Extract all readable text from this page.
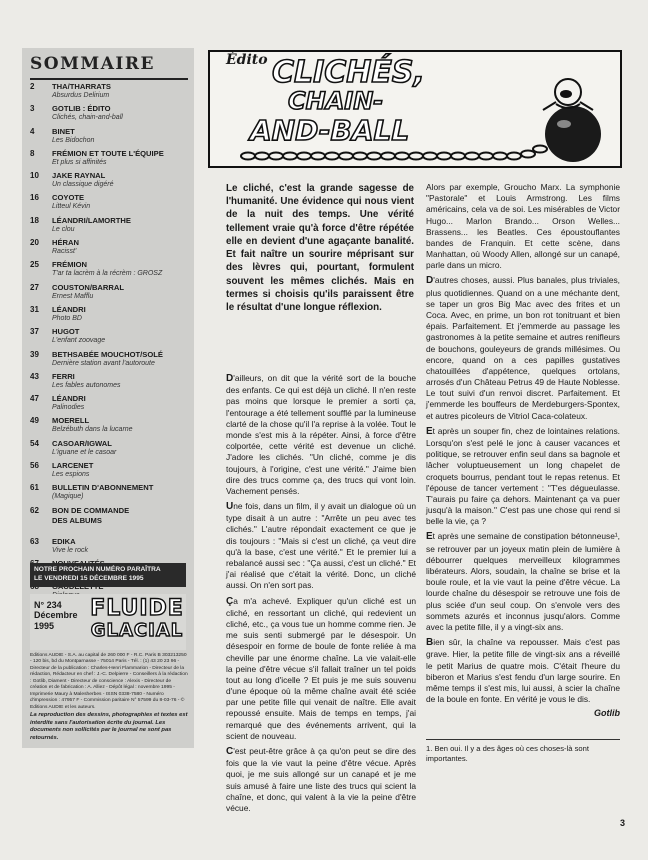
SOMMAIRE
2	THA/THARRATS
Absurdus Delirium
3	GOTLIB : ÉDITO
Clichés, chain-and-ball
4	BINET
Les Bidochon
8	FRÉMION ET TOUTE L'ÉQUIPE
Et plus si affinités
10	JAKE RAYNAL
Un classique digéré
16	COYOTE
Litteul Kévin
18	LÉANDRI/LAMORTHE
Le clou
20	HÉRAN
Racisst'
25	FRÉMION
T'ar ta lacrèm à la récrèm : GROSZ
27	COUSTON/BARRAL
Ernest Mafflu
31	LÉANDRI
Photo BD
37	HUGOT
L'enfant zoovage
39	BETHSABÉE MOUCHOT/SOLÉ
Dernière station avant l'autoroute
43	FERRI
Les fables autonomes
47	LÉANDRI
Palinodies
49	MOERELL
Belzébuth dans la lucarne
54	CASOAR/IGWAL
L'iguane et le casoar
56	LARCENET
Les espions
61	BULLETIN D'ABONNEMENT
(Magique)
62	BON DE COMMANDE
DES ALBUMS
63	EDIKA
Vive le rock
NOTRE PROCHAIN NUMÉRO PARAÎTRA
LE VENDREDI 15 DÉCEMBRE 1995
N° 234
Décembre
1995
FLUIDE
GLACIAL
Editions AUDIE - S.A. au capital de 260 000 F - R.C. Paris B 303213250 - 120 bis, bd du Montparnasse - 75014 Paris - Tél. : (1) 43 20 23 96 - Directeur de la publication : Charles-Henri Flammarion - Directeur de la rédaction, Rédacteur en chef : J.-C. Delpierre - Conseillers à la rédaction : Gotlib, Diament - Directeur de conscience : Alexis - Directeur de création et de fabrication : A. Alliez - Dépôt légal : novembre 1995 - Imprimerie Maury à Malesherbes - ISSN 0338-7580 - Numéro d'impression : 47957 F - Commission paritaire N° 57599 du 8-03-76 - © Editions AUDIE et les auteurs.
La reproduction des dessins, photographies et textes est interdite sans l'autorisation écrite du journal. Les documents non sollicités par le journal ne sont pas retournés.
Édito CLICHÉS,
CHAIN-
AND-BALL
Le cliché, c'est la grande sagesse de l'humanité. Une évidence qui nous vient de la nuit des temps. Une vérité tellement vraie qu'à force d'être répétée elle en devient d'une agaçante banalité. Et fait naître un sourire méprisant sur des lèvres qui, pourtant, formulent souvent les mêmes clichés. Mais en termes si choisis qu'ils paraissent être le résultat d'une longue réflexion.

D'ailleurs, on dit que la vérité sort de la bouche des enfants. Ce qui est déjà un cliché. Il n'en reste pas moins que lorsque le premier a sorti ça, l'entourage a été tellement soufflé par la lumineuse clarté de la chose qu'il l'a reprise à la volée. Tout le monde s'est mis à la répéter. Ainsi, à force d'être colportée, cette vérité est devenue un cliché. J'adore les clichés. "Un cliché, comme je dis toujours, à l'origine, c'est une vérité." J'aime bien dire des trucs comme ça, des trucs qui vont loin. Vachement pensés.

Une fois, dans un film, il y avait un dialogue où un type disait à un autre : "Arrête un peu avec tes clichés." L'autre répondait exactement ce que je dis toujours : "Mais si c'est un cliché, ça veut dire qu'à la base, c'est une vérité." Et le premier lui a rebalancé aussi sec : "Ça aussi, c'est un cliché." Et j'ai réalisé que c'était la vérité. Donc, un cliché aussi. On n'en sort pas.

Ça m'a achevé. Expliquer qu'un cliché est un cliché, en ressortant un cliché, qui redevient un cliché, etc., ça vous tue un homme comme rien. Je me suis senti submergé par le désespoir. Un désespoir en forme de boule de fonte reliée à ma cheville par une énorme chaîne. La vie valait-elle la peine d'être vécue s'il fallait traîner un tel poids tout au long d'icelle ? Et puis je me suis souvenu d'une époque où la même chaîne avait été sciée par une petite fille qui venait de naître. Elle avait repoussé ensuite. Mais de temps en temps, j'ai remarqué que des événements arrivent, qui la scient de nouveau.

C'est peut-être grâce à ça qu'on peut se dire des fois que la vie vaut la peine d'être vécue. Après quoi, je me suis allongé sur un canapé et je me suis amusé à faire une liste des trucs qui scient la chaîne, et donc, qui valent à la vie la peine d'être vécue.

Alors par exemple, Groucho Marx. La symphonie "Pastorale" et Louis Armstrong. Les films américains, cela va de soi. Les misérables de Victor Hugo... Marlon Brando... Orson Welles... Brassens... les Beatles. Ces époustouflantes bandes de Franquin. Et cette scène, dans Manhattan, où Woody Allen, allongé sur un canapé, parle dans un micro.

D'autres choses, aussi. Plus banales, plus triviales, plus quotidiennes. Quand on a une méchante dent, se taper un gros Big Mac avec des frites et un Coca. Avec, en prime, un bon rot tonitruant et bien épais. Parfaitement. Et j'emmerde au passage les gastronomes à la petite semaine et autres renifleurs de bouchons, gouleyeurs de grands millésimes. Ou encore, quand on a ces papilles gustatives chatouillées d'appétence, quelques ortolans, arrosés d'un Château Petrus 49 de Haute Noblesse. Le tout suivi d'un renvoi discret. Parfaitement. Et j'emmerde les bouffeurs de Merdeburgers-Spontex, et autres picoleurs de Vitriol Caca-colateux.

Et après un souper fin, chez de lointaines relations. Lorsqu'on s'est pelé le jonc à causer vacances et politique, se retrouver enfin seul dans sa bagnole et lâcher voluptueusement un long chapelet de croquets bourrus, pendant tout le repas retenus. Et l'épouse de tancer vertement : "T'es dégueulasse. T'aurais pu faire ça dehors. Maintenant ça va puer jusqu'à la maison." C'est pas une chose qui rend si belle la vie, ça ?

Et après une semaine de constipation bétonneuse¹, se retrouver par un joyeux matin plein de lumière à débourrer quelques merveilleux kilogrammes libérateurs. Alors, soudain, la chaîne se brise et la boule roule, et la vie vaut la peine d'être vécue. La lourde chaîne du désespoir se retrouve une fois de plus sciée d'un seul coup. On s'envole vers des sommets azurés et inconnus jusqu'alors. Comme avec la petite fille, il y a vingt-six ans.

Bien sûr, la chaîne va repousser. Mais c'est pas grave. Hier, la petite fille de vingt-six ans a réveillé le petit Marius de quatre mois. C'était l'heure du biberon et Marius s'est fendu d'un large sourire. En même temps il s'est mis, lui aussi, à scier la chaîne de la boule en fonte. En vérité je vous le dis.

Gotlib
1. Ben oui. Il y a des âges où ces choses-là sont importantes.
3
